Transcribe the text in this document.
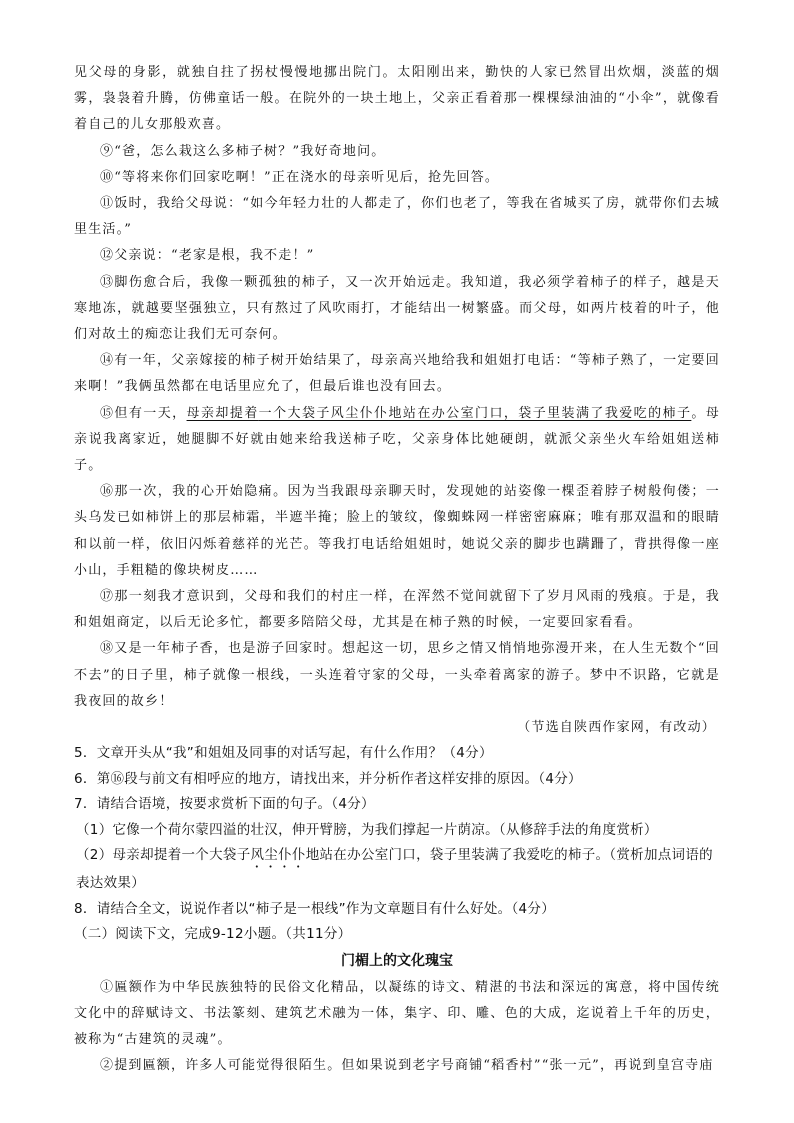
见父母的身影，就独自拄了拐杖慢慢地挪出院门。太阳刚出来，勤快的人家已然冒出炊烟，淡蓝的烟雾，袅袅着升腾，仿佛童话一般。在院外的一块土地上，父亲正看着那一棵棵绿油油的“小伞”，就像看着自己的儿女那般欢喜。

⑨“爸，怎么栽这么多柿子树？”我好奇地问。

⑩“等将来你们回家吃啊！”正在浇水的母亲听见后，抢先回答。

⑪饭时，我给父母说：“如今年轻力壮的人都走了，你们也老了，等我在省城买了房，就带你们去城里生活。”

⑫父亲说：“老家是根，我不走！”

⑬脚伤愈合后，我像一颗孤独的柿子，又一次开始远走。我知道，我必须学着柿子的样子，越是天寒地冻，就越要坚强独立，只有熬过了风吹雨打，才能结出一树繁盛。而父母，如两片枝着的叶子，他们对故土的痴恋让我们无可奈何。

⑭有一年，父亲嫁接的柿子树开始结果了，母亲高兴地给我和姐姐打电话：“等柿子熟了，一定要回来啊！”我俩虽然都在电话里应允了，但最后谁也没有回去。

⑮但有一天，母亲却提着一个大袋子风尘仆仆地站在办公室门口，袋子里装满了我爱吃的柿子。母亲说我离家近，她腿脚不好就由她来给我送柿子吃，父亲身体比她硬朗，就派父亲坐火车给姐姐送柿子。

⑯那一次，我的心开始隐痛。因为当我跟母亲聊天时，发现她的站姿像一棵歪着脖子树般佝偻；一头乌发已如柿饼上的那层柿霜，半遮半掩；脸上的皱纹，像蜘蛛网一样密密麻麻；唯有那双温和的眼睛和以前一样，依旧闪烁着慈祥的光芒。等我打电话给姐姐时，她说父亲的脚步也蹒跚了，背拱得像一座小山，手粗糙的像块树皮……

⑰那一刻我才意识到，父母和我们的村庄一样，在浑然不觉间就留下了岁月风雨的残痕。于是，我和姐姐商定，以后无论多忙，都要多陪陪父母，尤其是在柿子熟的时候，一定要回家看看。

⑱又是一年柿子香，也是游子回家时。想起这一切，思乡之情又悄悄地弥漫开来，在人生无数个“回不去”的日子里，柿子就像一根线，一头连着守家的父母，一头牵着离家的游子。梦中不识路，它就是我夜回的故乡！

（节选自陕西作家网，有改动）

5．文章开头从“我”和姐姐及同事的对话写起，有什么作用？（4分）

6．第⑯段与前文有相呼应的地方，请找出来，并分析作者这样安排的原因。（4分）

7．请结合语境，按要求赏析下面的句子。（4分）

（1）它像一个荷尔蒙四溢的壮汉，伸开臂膀，为我们撑起一片荫凉。（从修辞手法的角度赏析）

（2）母亲却提着一个大袋子风尘仆仆地站在办公室门口，袋子里装满了我爱吃的柿子。（赏析加点词语的表达效果）

8．请结合全文，说说作者以“柿子是一根线”作为文章题目有什么好处。（4分）

（二）阅读下文，完成9-12小题。（共11分）

门楣上的文化瑰宝

①匾额作为中华民族独特的民俗文化精品，以凝练的诗文、精湛的书法和深远的寓意，将中国传统文化中的辞赋诗文、书法篆刻、建筑艺术融为一体，集字、印、雕、色的大成，迄说着上千年的历史，被称为“古建筑的灵魂”。

②提到匾额，许多人可能觉得很陌生。但如果说到老字号商铺“稻香村”“张一元”，再说到皇宫寺庙
